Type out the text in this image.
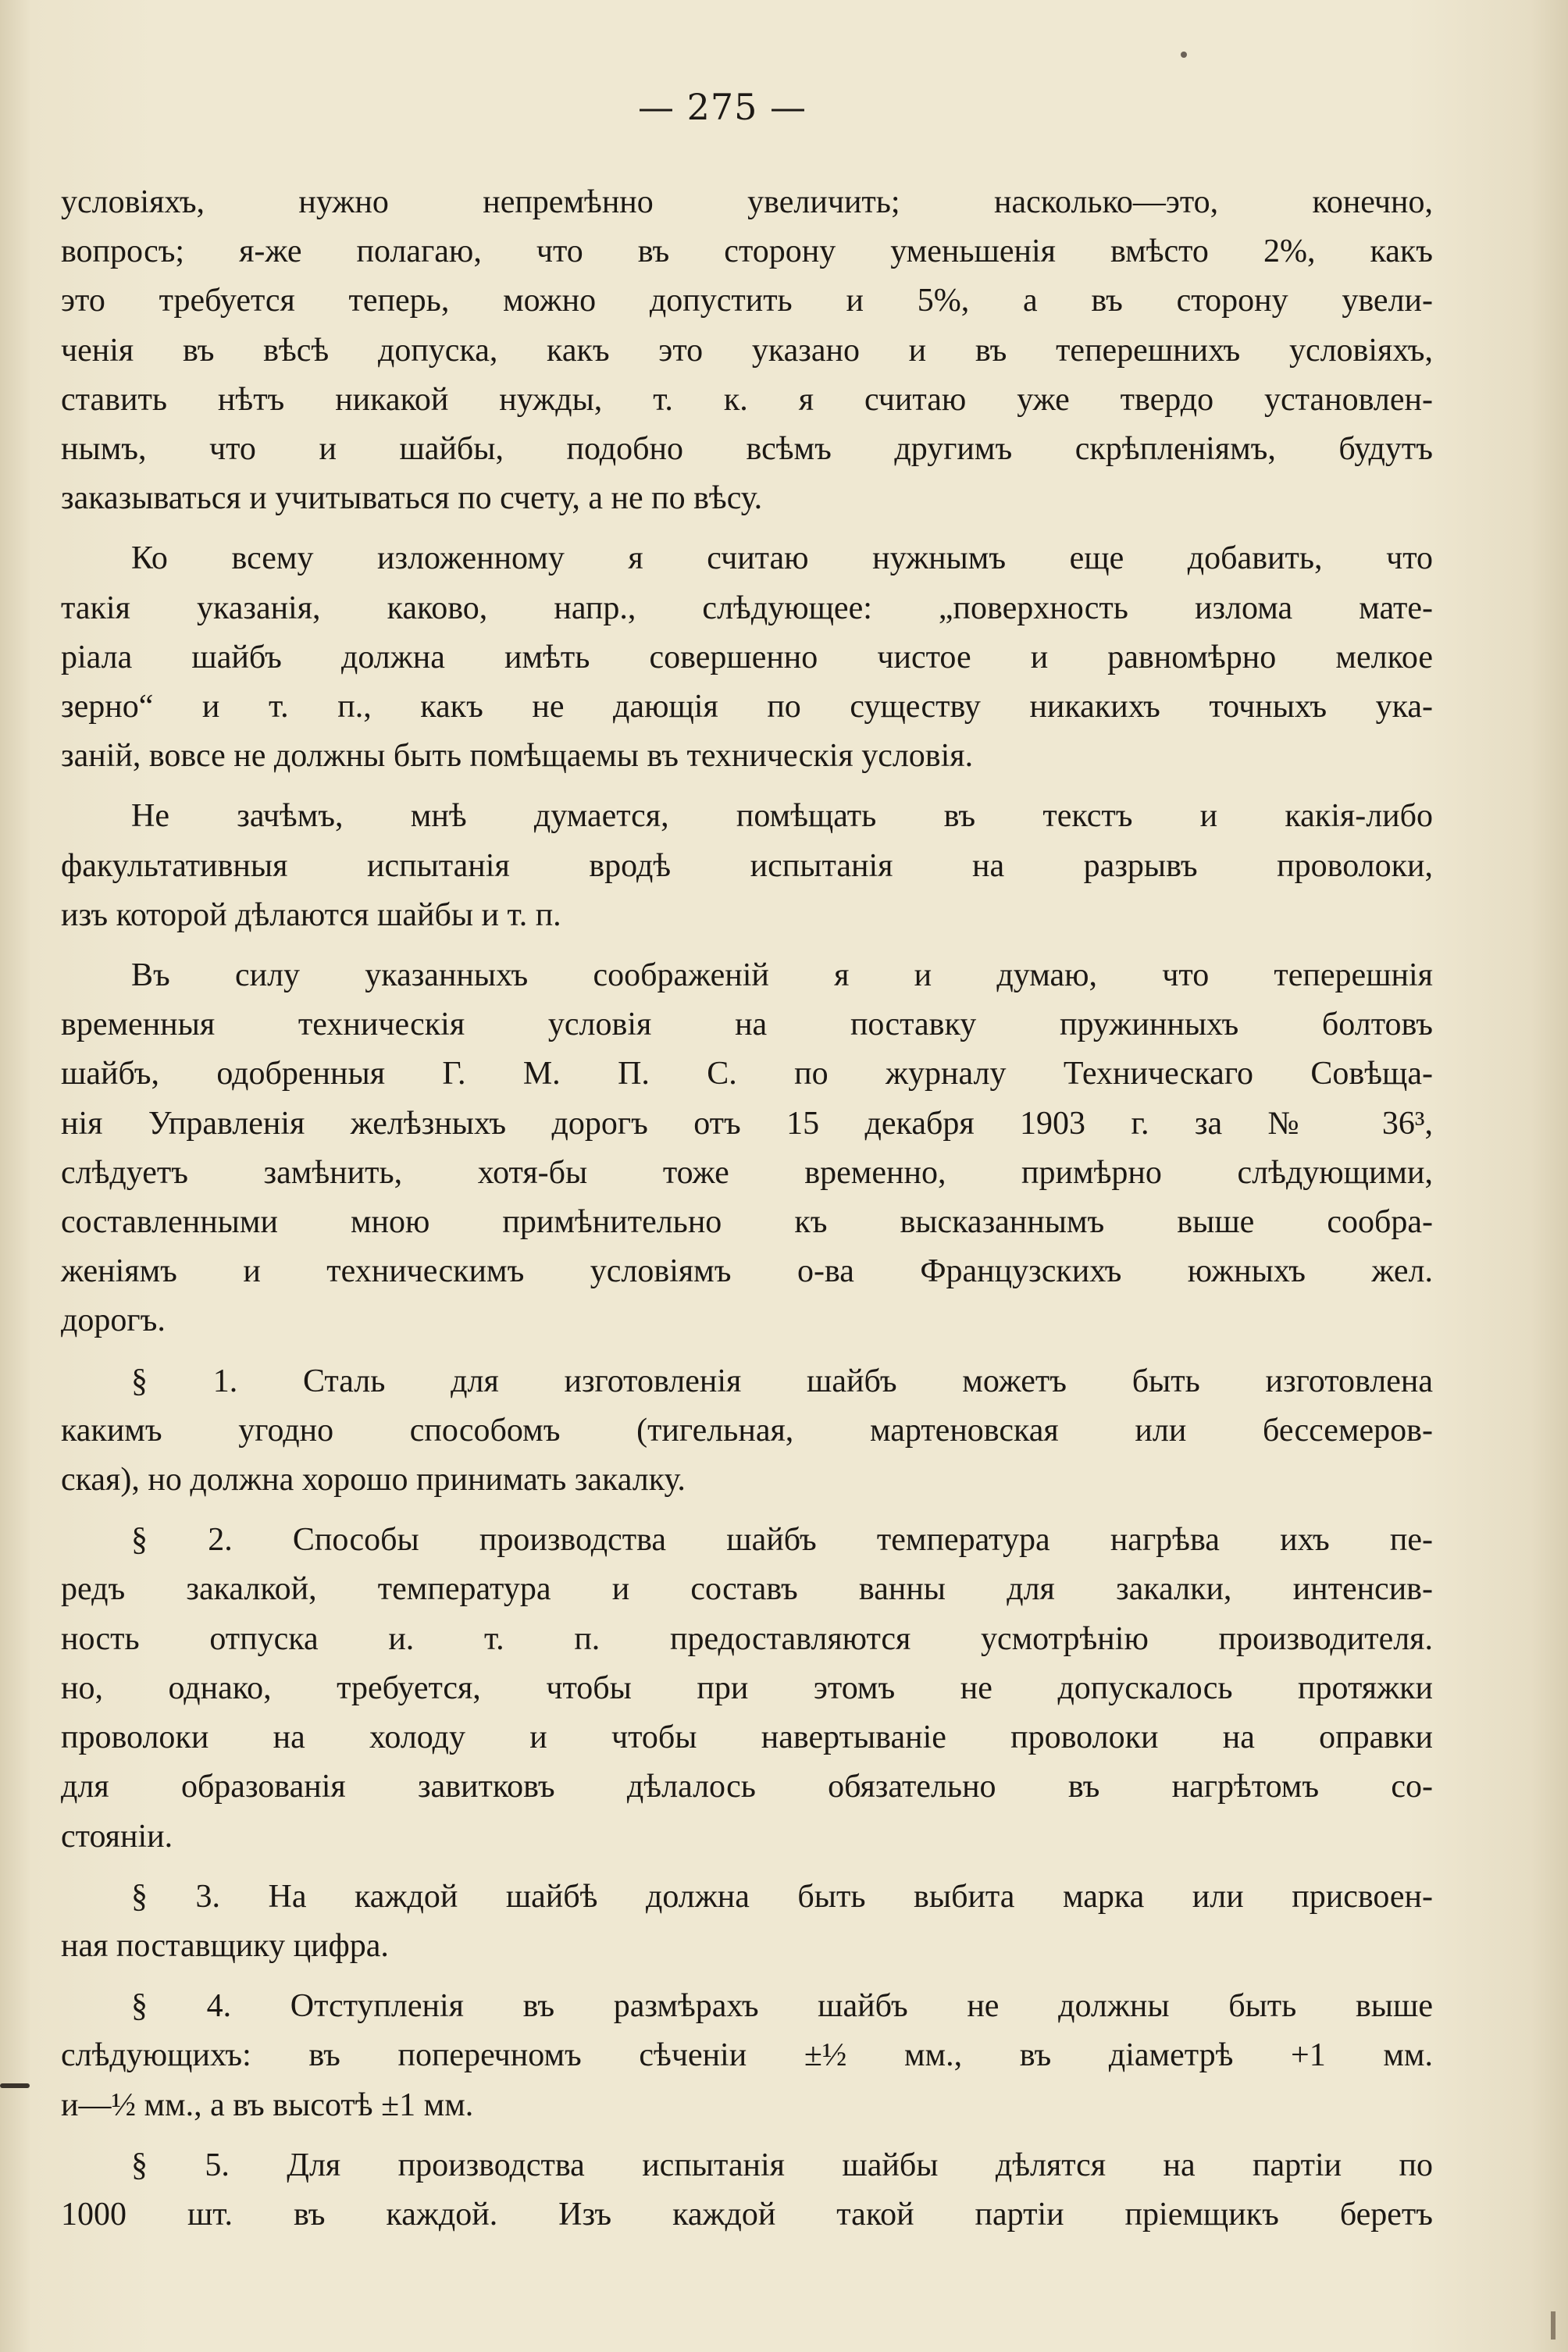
— 275 —
условіяхъ, нужно непремѣнно увеличить; насколько—это, конечно,
вопросъ; я-же полагаю, что въ сторону уменьшенія вмѣсто 2%, какъ
это требуется теперь, можно допустить и 5%, а въ сторону увели-
ченія въ вѣсѣ допуска, какъ это указано и въ теперешнихъ условіяхъ,
ставить нѣтъ никакой нужды, т. к. я считаю уже твердо установлен-
нымъ, что и шайбы, подобно всѣмъ другимъ скрѣпленіямъ, будутъ
заказываться и учитываться по счету, а не по вѣсу.
Ко всему изложенному я считаю нужнымъ еще добавить, что
такія указанія, каково, напр., слѣдующее: „поверхность излома мате-
ріала шайбъ должна имѣть совершенно чистое и равномѣрно мелкое
зерно“ и т. п., какъ не дающія по существу никакихъ точныхъ ука-
заній, вовсе не должны быть помѣщаемы въ техническія условія.
Не зачѣмъ, мнѣ думается, помѣщать въ текстъ и какія-либо
факультативныя испытанія вродѣ испытанія на разрывъ проволоки,
изъ которой дѣлаются шайбы и т. п.
Въ силу указанныхъ соображеній я и думаю, что теперешнія
временныя техническія условія на поставку пружинныхъ болтовъ
шайбъ, одобренныя Г. М. П. С. по журналу Техническаго Совѣща-
нія Управленія желѣзныхъ дорогъ отъ 15 декабря 1903 г. за № 36³,
слѣдуетъ замѣнить, хотя-бы тоже временно, примѣрно слѣдующими,
составленными мною примѣнительно къ высказаннымъ выше сообра-
женіямъ и техническимъ условіямъ о-ва Французскихъ южныхъ жел.
дорогъ.
§ 1. Сталь для изготовленія шайбъ можетъ быть изготовлена
какимъ угодно способомъ (тигельная, мартеновская или бессемеров-
ская), но должна хорошо принимать закалку.
§ 2. Способы производства шайбъ температура нагрѣва ихъ пе-
редъ закалкой, температура и составъ ванны для закалки, интенсив-
ность отпуска и. т. п. предоставляются усмотрѣнію производителя.
но, однако, требуется, чтобы при этомъ не допускалось протяжки
проволоки на холоду и чтобы навертываніе проволоки на оправки
для образованія завитковъ дѣлалось обязательно въ нагрѣтомъ со-
стояніи.
§ 3. На каждой шайбѣ должна быть выбита марка или присвоен-
ная поставщику цифра.
§ 4. Отступленія въ размѣрахъ шайбъ не должны быть выше
слѣдующихъ: въ поперечномъ сѣченіи ±½ мм., въ діаметрѣ +1 мм.
и—½ мм., а въ высотѣ ±1 мм.
§ 5. Для производства испытанія шайбы дѣлятся на партіи по
1000 шт. въ каждой. Изъ каждой такой партіи пріемщикъ беретъ
